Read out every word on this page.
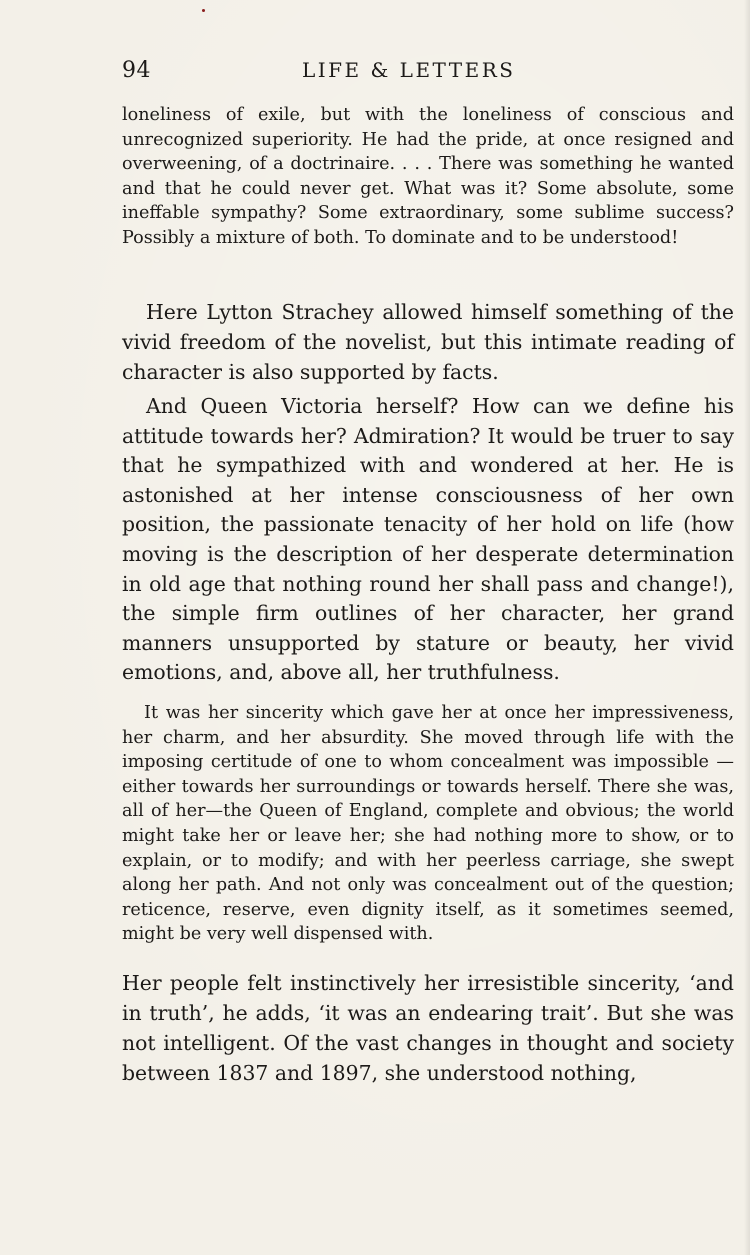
94	LIFE & LETTERS

loneliness of exile, but with the loneliness of conscious and unrecognized superiority. He had the pride, at once resigned and overweening, of a doctrinaire. . . . There was something he wanted and that he could never get. What was it? Some absolute, some ineffable sympathy? Some extraordinary, some sublime success? Possibly a mixture of both. To dominate and to be understood!

Here Lytton Strachey allowed himself something of the vivid freedom of the novelist, but this intimate reading of character is also supported by facts.

And Queen Victoria herself? How can we define his attitude towards her? Admiration? It would be truer to say that he sympathized with and wondered at her. He is astonished at her intense consciousness of her own position, the passionate tenacity of her hold on life (how moving is the description of her desperate determination in old age that nothing round her shall pass and change!), the simple firm outlines of her character, her grand manners unsupported by stature or beauty, her vivid emotions, and, above all, her truthfulness.

It was her sincerity which gave her at once her impressiveness, her charm, and her absurdity. She moved through life with the imposing certitude of one to whom concealment was impossible —either towards her surroundings or towards herself. There she was, all of her—the Queen of England, complete and obvious; the world might take her or leave her; she had nothing more to show, or to explain, or to modify; and with her peerless carriage, she swept along her path. And not only was concealment out of the question; reticence, reserve, even dignity itself, as it sometimes seemed, might be very well dispensed with.

Her people felt instinctively her irresistible sincerity, ‘and in truth’, he adds, ‘it was an endearing trait’. But she was not intelligent. Of the vast changes in thought and society between 1837 and 1897, she understood nothing,
